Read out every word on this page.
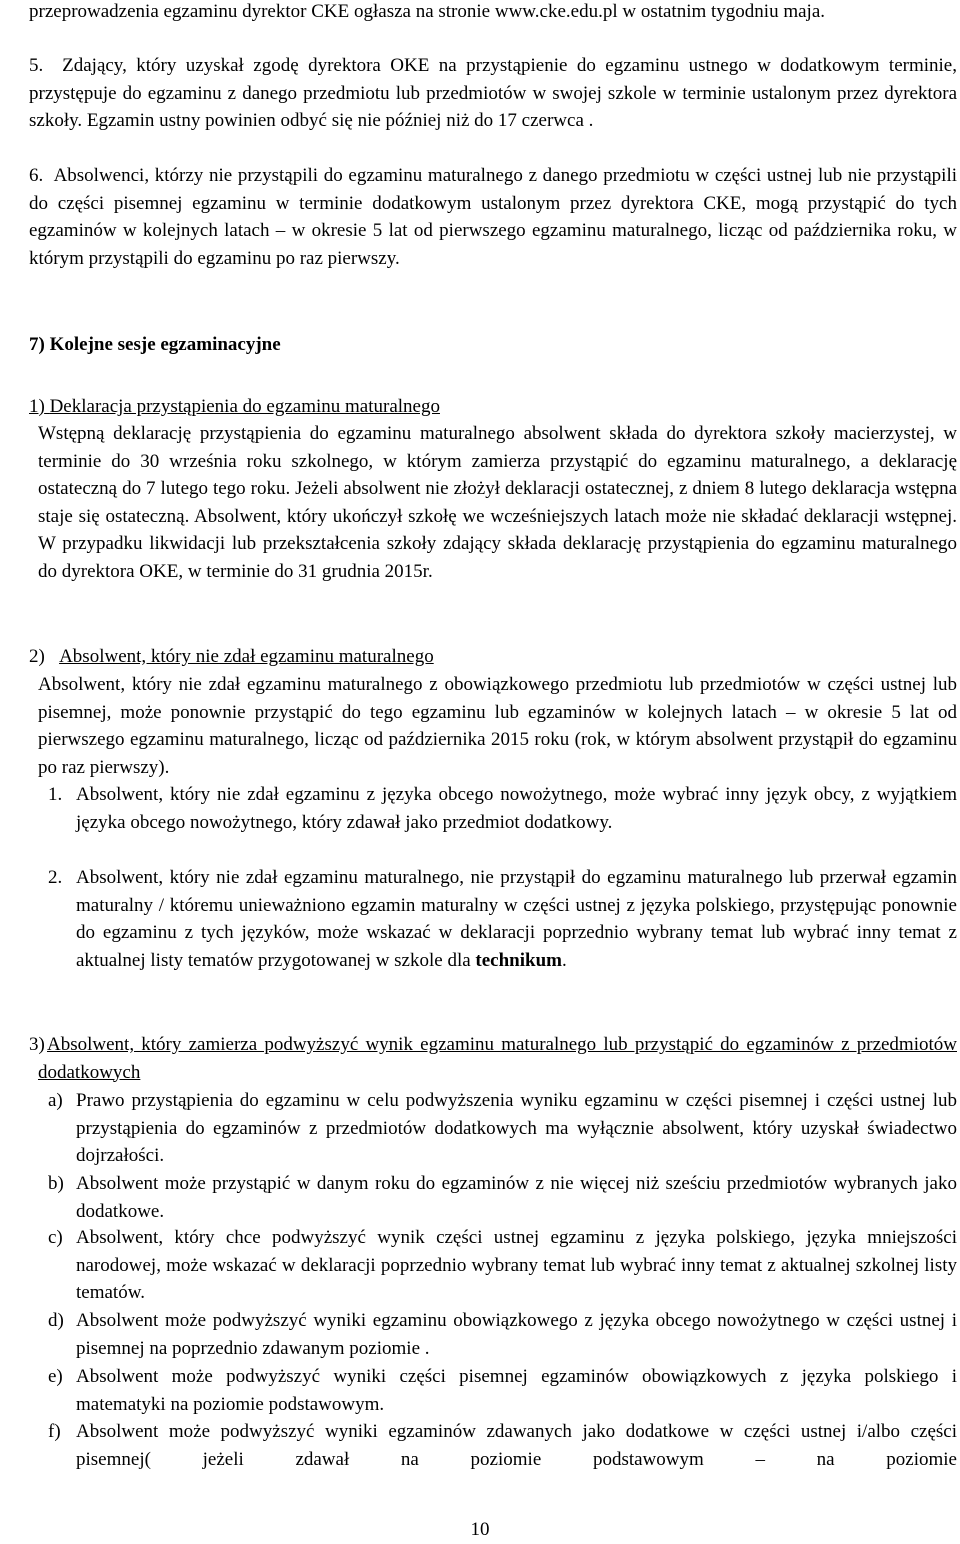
przeprowadzenia egzaminu dyrektor CKE ogłasza na stronie www.cke.edu.pl w ostatnim tygodniu maja.
5. Zdający, który uzyskał zgodę dyrektora OKE na przystąpienie do egzaminu ustnego w dodatkowym terminie, przystępuje do egzaminu z danego przedmiotu lub przedmiotów w swojej szkole w terminie ustalonym przez dyrektora szkoły. Egzamin ustny powinien odbyć się nie później niż do 17 czerwca .
6. Absolwenci, którzy nie przystąpili do egzaminu maturalnego z danego przedmiotu w części ustnej lub nie przystąpili do części pisemnej egzaminu w terminie dodatkowym ustalonym przez dyrektora CKE, mogą przystąpić do tych egzaminów w kolejnych latach – w okresie 5 lat od pierwszego egzaminu maturalnego, licząc od października roku, w którym przystąpili do egzaminu po raz pierwszy.
7) Kolejne sesje egzaminacyjne
1) Deklaracja przystąpienia do egzaminu maturalnego
Wstępną deklarację przystąpienia do egzaminu maturalnego absolwent składa do dyrektora szkoły macierzystej, w terminie do 30 września roku szkolnego, w którym zamierza przystąpić do egzaminu maturalnego, a deklarację ostateczną do 7 lutego tego roku. Jeżeli absolwent nie złożył deklaracji ostatecznej, z dniem 8 lutego deklaracja wstępna staje się ostateczną. Absolwent, który ukończył szkołę we wcześniejszych latach może nie składać deklaracji wstępnej. W przypadku likwidacji lub przekształcenia szkoły zdający składa deklarację przystąpienia do egzaminu maturalnego do dyrektora OKE, w terminie do 31 grudnia 2015r.
2) Absolwent, który nie zdał egzaminu maturalnego
Absolwent, który nie zdał egzaminu maturalnego z obowiązkowego przedmiotu lub przedmiotów w części ustnej lub pisemnej, może ponownie przystąpić do tego egzaminu lub egzaminów w kolejnych latach – w okresie 5 lat od pierwszego egzaminu maturalnego, licząc od października 2015 roku (rok, w którym absolwent przystąpił do egzaminu po raz pierwszy).
1. Absolwent, który nie zdał egzaminu z języka obcego nowożytnego, może wybrać inny język obcy, z wyjątkiem języka obcego nowożytnego, który zdawał jako przedmiot dodatkowy.
2. Absolwent, który nie zdał egzaminu maturalnego, nie przystąpił do egzaminu maturalnego lub przerwał egzamin maturalny / któremu unieważniono egzamin maturalny w części ustnej z języka polskiego, przystępując ponownie do egzaminu z tych języków, może wskazać w deklaracji poprzednio wybrany temat lub wybrać inny temat z aktualnej listy tematów przygotowanej w szkole dla technikum.
3) Absolwent, który zamierza podwyższyć wynik egzaminu maturalnego lub przystąpić do egzaminów z przedmiotów dodatkowych
a) Prawo przystąpienia do egzaminu w celu podwyższenia wyniku egzaminu w części pisemnej i części ustnej lub przystąpienia do egzaminów z przedmiotów dodatkowych ma wyłącznie absolwent, który uzyskał świadectwo dojrzałości.
b) Absolwent może przystąpić w danym roku do egzaminów z nie więcej niż sześciu przedmiotów wybranych jako dodatkowe.
c) Absolwent, który chce podwyższyć wynik części ustnej egzaminu z języka polskiego, języka mniejszości narodowej, może wskazać w deklaracji poprzednio wybrany temat lub wybrać inny temat z aktualnej szkolnej listy tematów.
d) Absolwent może podwyższyć wyniki egzaminu obowiązkowego z języka obcego nowożytnego w części ustnej i pisemnej na poprzednio zdawanym poziomie .
e) Absolwent może podwyższyć wyniki części pisemnej egzaminów obowiązkowych z języka polskiego i matematyki na poziomie podstawowym.
f) Absolwent może podwyższyć wyniki egzaminów zdawanych jako dodatkowe w części ustnej i/albo części pisemnej( jeżeli zdawał na poziomie podstawowym – na poziomie
10
